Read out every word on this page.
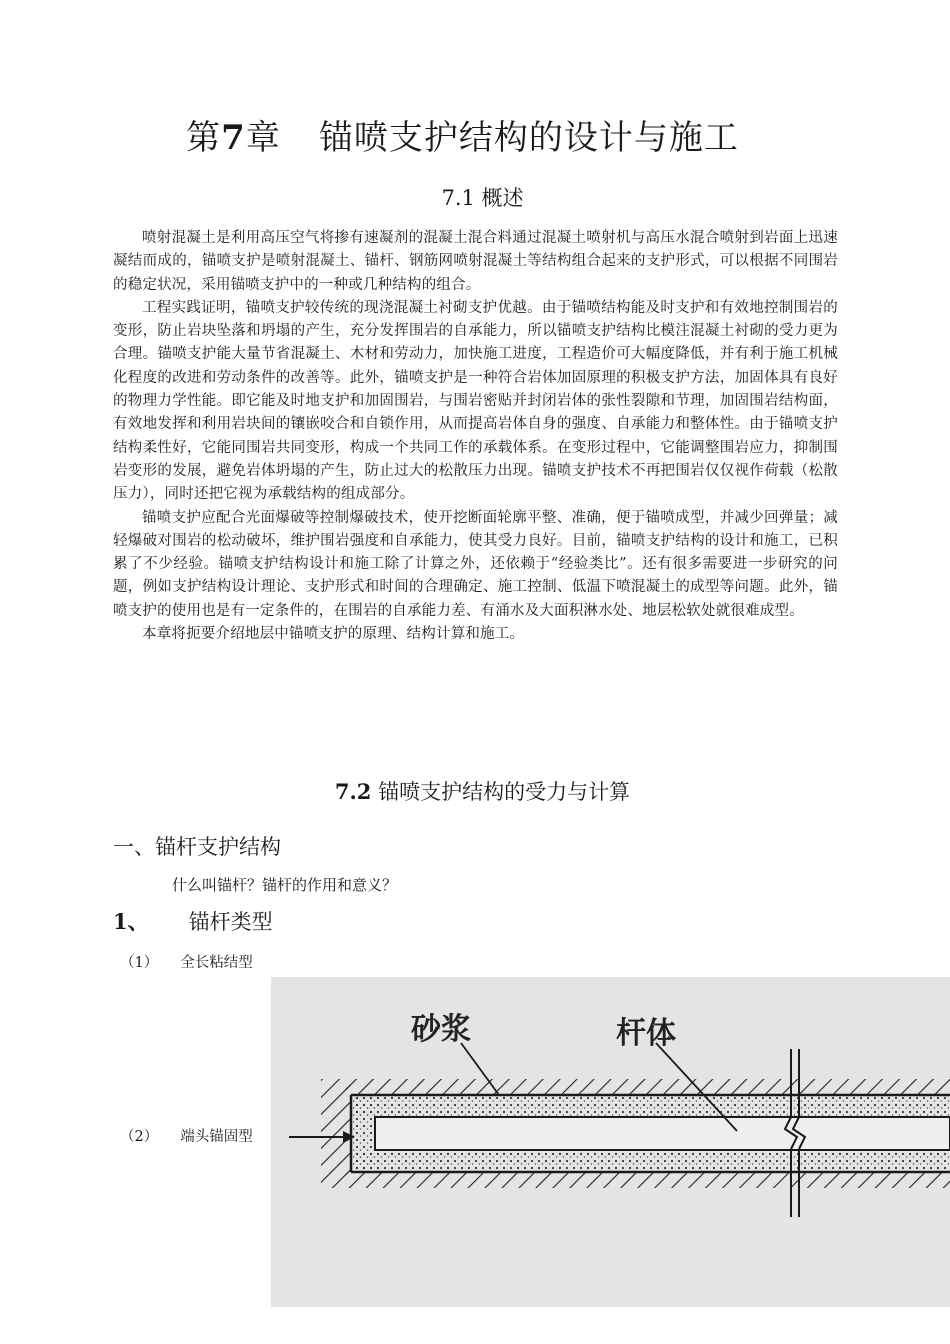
第7章 锚喷支护结构的设计与施工
7.1 概述

喷射混凝土是利用高压空气将掺有速凝剂的混凝土混合料通过混凝土喷射机与高压水混合喷射到岩面上迅速凝结而成的，锚喷支护是喷射混凝土、锚杆、钢筋网喷射混凝土等结构组合起来的支护形式，可以根据不同围岩的稳定状况，采用锚喷支护中的一种或几种结构的组合。

工程实践证明，锚喷支护较传统的现浇混凝土衬砌支护优越。由于锚喷结构能及时支护和有效地控制围岩的变形，防止岩块坠落和坍塌的产生，充分发挥围岩的自承能力，所以锚喷支护结构比模注混凝土衬砌的受力更为合理。锚喷支护能大量节省混凝土、木材和劳动力，加快施工进度，工程造价可大幅度降低，并有利于施工机械化程度的改进和劳动条件的改善等。此外，锚喷支护是一种符合岩体加固原理的积极支护方法，加固体具有良好的物理力学性能。即它能及时地支护和加固围岩，与围岩密贴并封闭岩体的张性裂隙和节理，加固围岩结构面，有效地发挥和利用岩块间的镶嵌咬合和自锁作用，从而提高岩体自身的强度、自承能力和整体性。由于锚喷支护结构柔性好，它能同围岩共同变形，构成一个共同工作的承载体系。在变形过程中，它能调整围岩应力，抑制围岩变形的发展，避免岩体坍塌的产生，防止过大的松散压力出现。锚喷支护技术不再把围岩仅仅视作荷载（松散压力），同时还把它视为承载结构的组成部分。

锚喷支护应配合光面爆破等控制爆破技术，使开挖断面轮廓平整、准确，便于锚喷成型，并减少回弹量；减轻爆破对围岩的松动破坏，维护围岩强度和自承能力，使其受力良好。目前，锚喷支护结构的设计和施工，已积累了不少经验。锚喷支护结构设计和施工除了计算之外，还依赖于“经验类比”。还有很多需要进一步研究的问题，例如支护结构设计理论、支护形式和时间的合理确定、施工控制、低温下喷混凝土的成型等问题。此外，锚喷支护的使用也是有一定条件的，在围岩的自承能力差、有涌水及大面积淋水处、地层松软处就很难成型。

本章将扼要介绍地层中锚喷支护的原理、结构计算和施工。

7.2 锚喷支护结构的受力与计算
一、锚杆支护结构
什么叫锚杆？锚杆的作用和意义？
1、 锚杆类型
（1） 全长粘结型
（2） 端头锚固型
砂浆	杆体
